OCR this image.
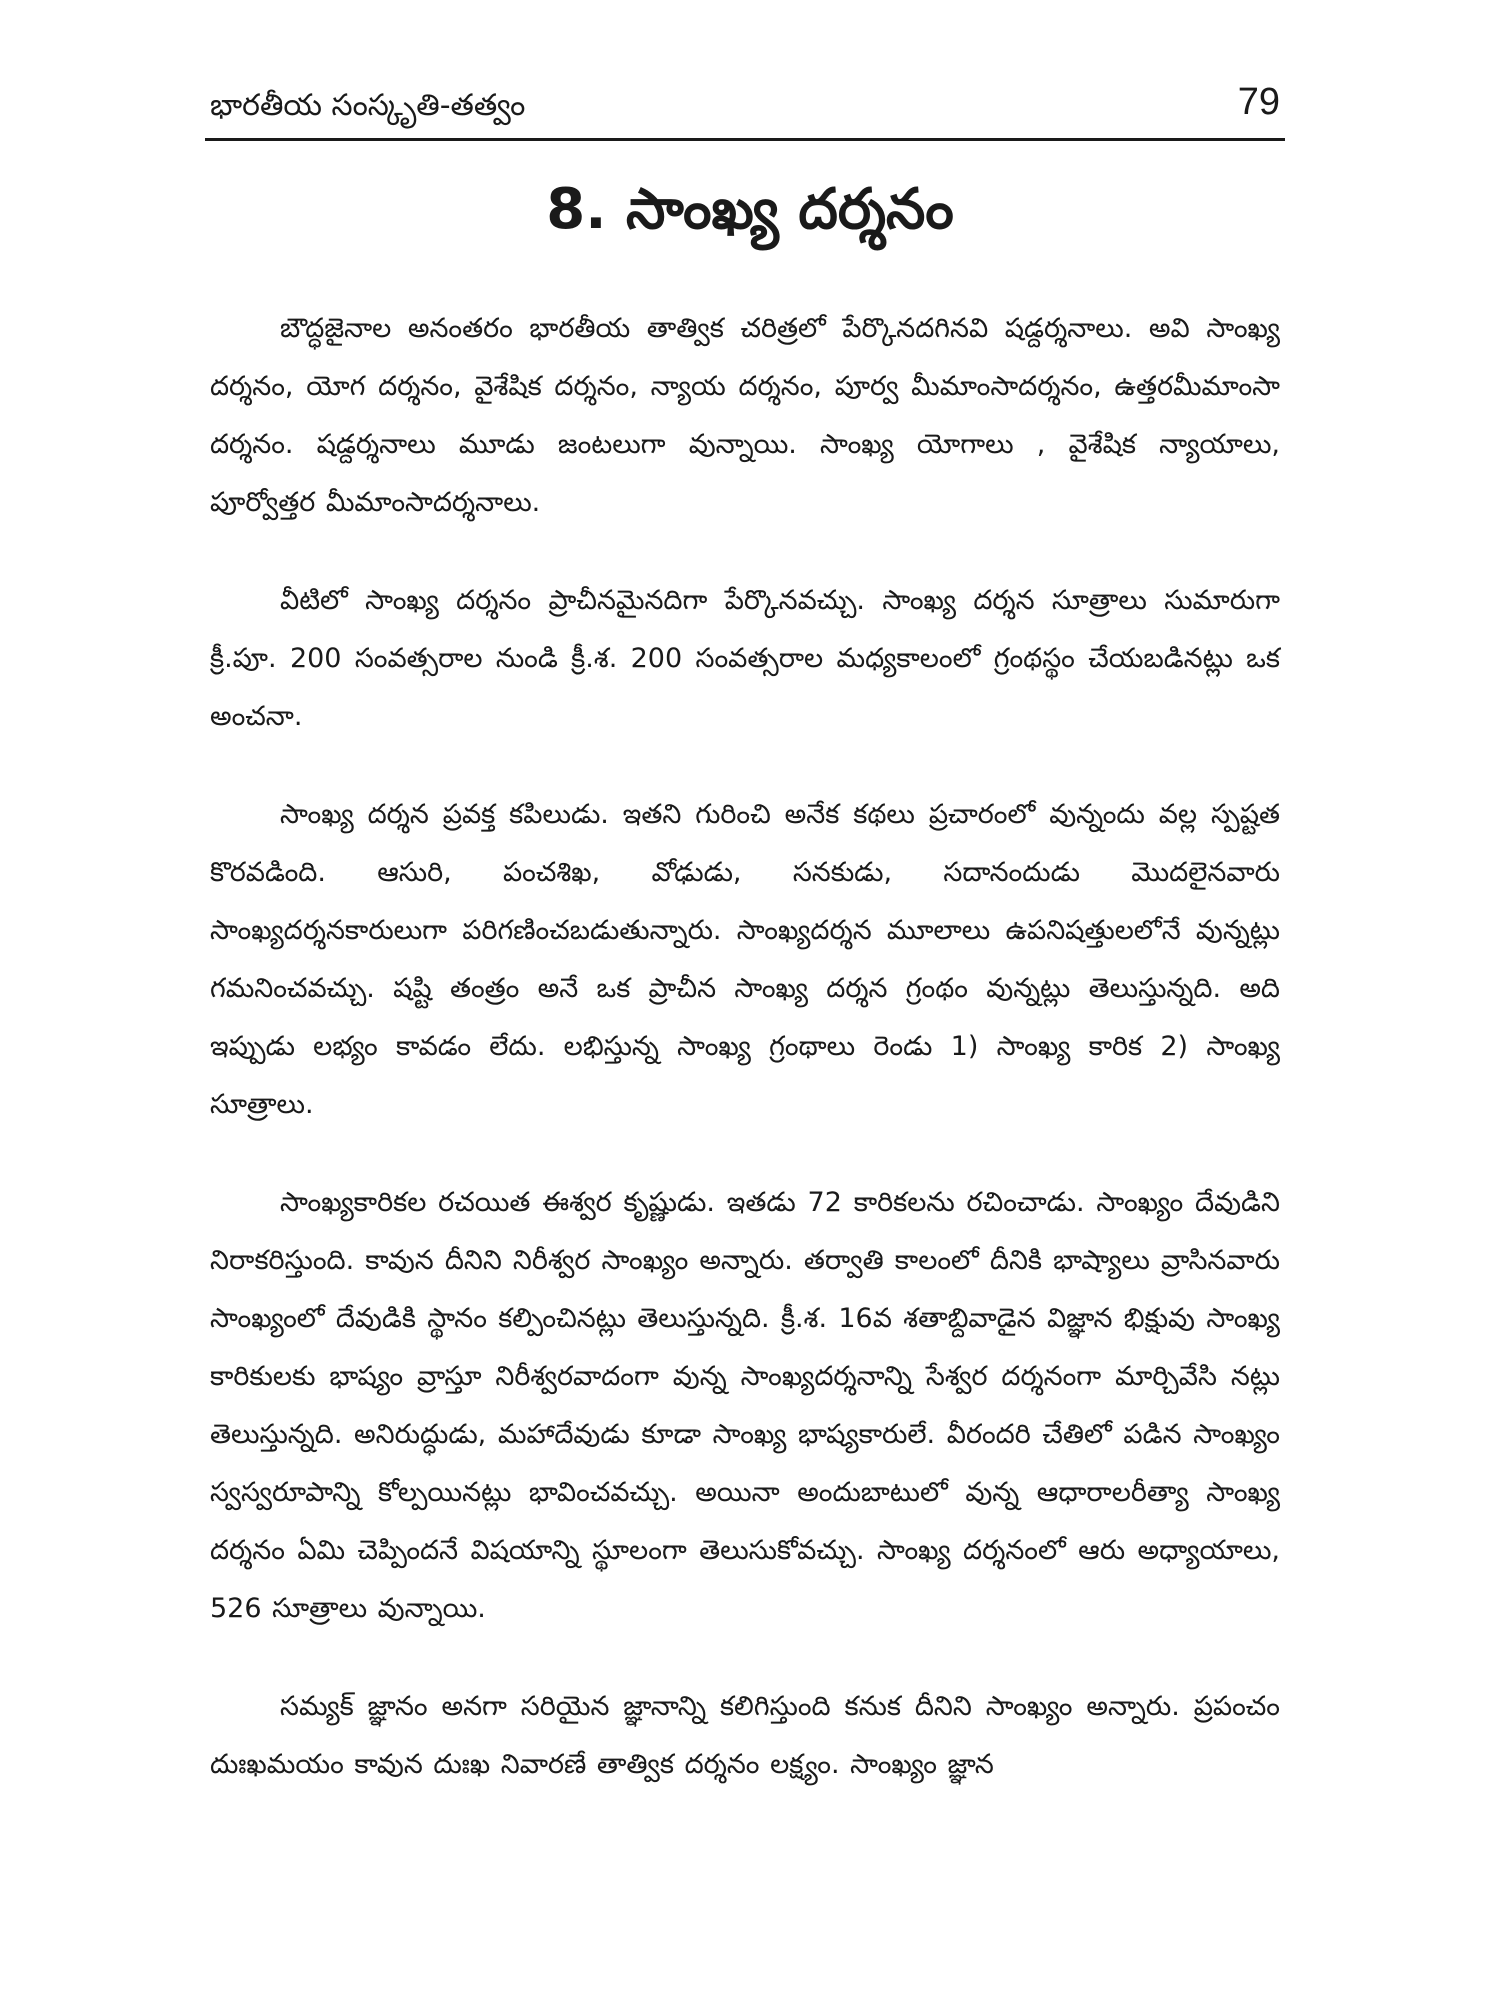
భారతీయ సంస్కృతి-తత్వం	79
8. సాంఖ్య దర్శనం

బౌద్ధజైనాల అనంతరం భారతీయ తాత్విక చరిత్రలో పేర్కొనదగినవి షడ్దర్శనాలు. అవి సాంఖ్య దర్శనం, యోగ దర్శనం, వైశేషిక దర్శనం, న్యాయ దర్శనం, పూర్వ మీమాంసాదర్శనం, ఉత్తరమీమాంసా దర్శనం. షడ్దర్శనాలు మూడు జంటలుగా వున్నాయి. సాంఖ్య యోగాలు , వైశేషిక న్యాయాలు, పూర్వోత్తర మీమాంసాదర్శనాలు.

వీటిలో సాంఖ్య దర్శనం ప్రాచీనమైనదిగా పేర్కొనవచ్చు. సాంఖ్య దర్శన సూత్రాలు సుమారుగా క్రీ.పూ. 200 సంవత్సరాల నుండి క్రీ.శ. 200 సంవత్సరాల మధ్యకాలంలో గ్రంథస్థం చేయబడినట్లు ఒక అంచనా.

సాంఖ్య దర్శన ప్రవక్త కపిలుడు. ఇతని గురించి అనేక కథలు ప్రచారంలో వున్నందు వల్ల స్పష్టత కొరవడింది. ఆసురి, పంచశిఖ, వోఢుడు, సనకుడు, సదానందుడు మొదలైనవారు సాంఖ్యదర్శనకారులుగా పరిగణించబడుతున్నారు. సాంఖ్యదర్శన మూలాలు ఉపనిషత్తులలోనే వున్నట్లు గమనించవచ్చు. షష్టి తంత్రం అనే ఒక ప్రాచీన సాంఖ్య దర్శన గ్రంథం వున్నట్లు తెలుస్తున్నది. అది ఇప్పుడు లభ్యం కావడం లేదు. లభిస్తున్న సాంఖ్య గ్రంథాలు రెండు 1) సాంఖ్య కారిక 2) సాంఖ్య సూత్రాలు.

సాంఖ్యకారికల రచయిత ఈశ్వర కృష్ణుడు. ఇతడు 72 కారికలను రచించాడు. సాంఖ్యం దేవుడిని నిరాకరిస్తుంది. కావున దీనిని నిరీశ్వర సాంఖ్యం అన్నారు. తర్వాతి కాలంలో దీనికి భాష్యాలు వ్రాసినవారు సాంఖ్యంలో దేవుడికి స్థానం కల్పించినట్లు తెలుస్తున్నది. క్రీ.శ. 16వ శతాబ్దివాడైన విజ్ఞాన భిక్షువు సాంఖ్య కారికులకు భాష్యం వ్రాస్తూ నిరీశ్వరవాదంగా వున్న సాంఖ్యదర్శనాన్ని సేశ్వర దర్శనంగా మార్చివేసి నట్లు తెలుస్తున్నది. అనిరుద్ధుడు, మహాదేవుడు కూడా సాంఖ్య భాష్యకారులే. వీరందరి చేతిలో పడిన సాంఖ్యం స్వస్వరూపాన్ని కోల్పయినట్లు భావించవచ్చు. అయినా అందుబాటులో వున్న ఆధారాలరీత్యా సాంఖ్య దర్శనం ఏమి చెప్పిందనే విషయాన్ని స్థూలంగా తెలుసుకోవచ్చు. సాంఖ్య దర్శనంలో ఆరు అధ్యాయాలు, 526 సూత్రాలు వున్నాయి.

సమ్యక్ జ్ఞానం అనగా సరియైన జ్ఞానాన్ని కలిగిస్తుంది కనుక దీనిని సాంఖ్యం అన్నారు. ప్రపంచం దుఃఖమయం కావున దుఃఖ నివారణే తాత్విక దర్శనం లక్ష్యం. సాంఖ్యం జ్ఞాన
